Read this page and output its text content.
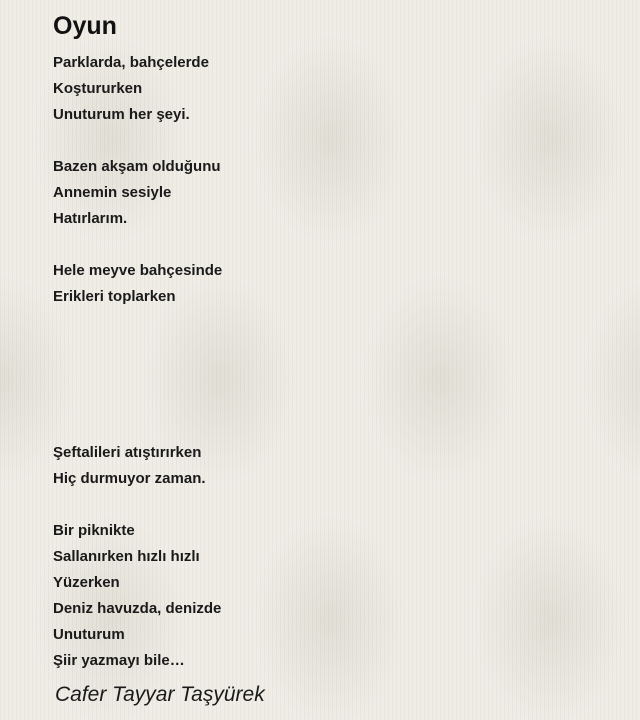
Oyun
Parklarda, bahçelerde
Koştururken
Unuturum her şeyi.
Bazen akşam olduğunu
Annemin sesiyle
Hatırlarım.
Hele meyve bahçesinde
Erikleri toplarken
Şeftalileri atıştırırken
Hiç durmuyor zaman.
Bir piknikte
Sallanırken hızlı hızlı
Yüzerken
Deniz havuzda, denizde
Unuturum
Şiir yazmayı bile…
Cafer Tayyar Taşyürek
